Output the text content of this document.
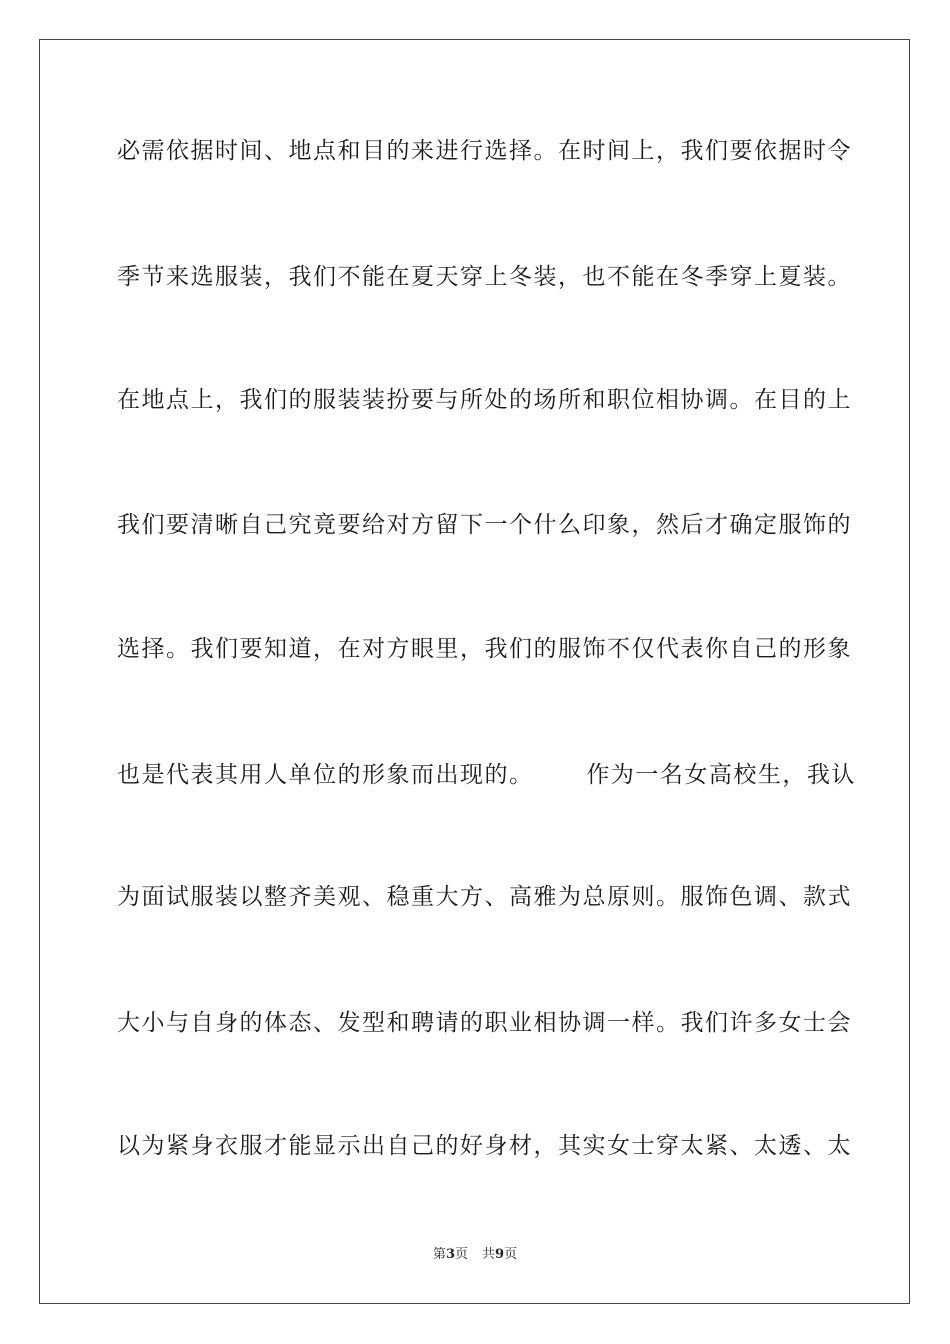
必需依据时间、地点和目的来进行选择。在时间上，我们要依据时令
季节来选服装，我们不能在夏天穿上冬装，也不能在冬季穿上夏装。
在地点上，我们的服装装扮要与所处的场所和职位相协调。在目的上
我们要清晰自己究竟要给对方留下一个什么印象，然后才确定服饰的
选择。我们要知道，在对方眼里，我们的服饰不仅代表你自己的形象
也是代表其用人单位的形象而出现的。      作为一名女高校生，我认
为面试服装以整齐美观、稳重大方、高雅为总原则。服饰色调、款式
大小与自身的体态、发型和聘请的职业相协调一样。我们许多女士会
以为紧身衣服才能显示出自己的好身材，其实女士穿太紧、太透、太
第3页 共9页
